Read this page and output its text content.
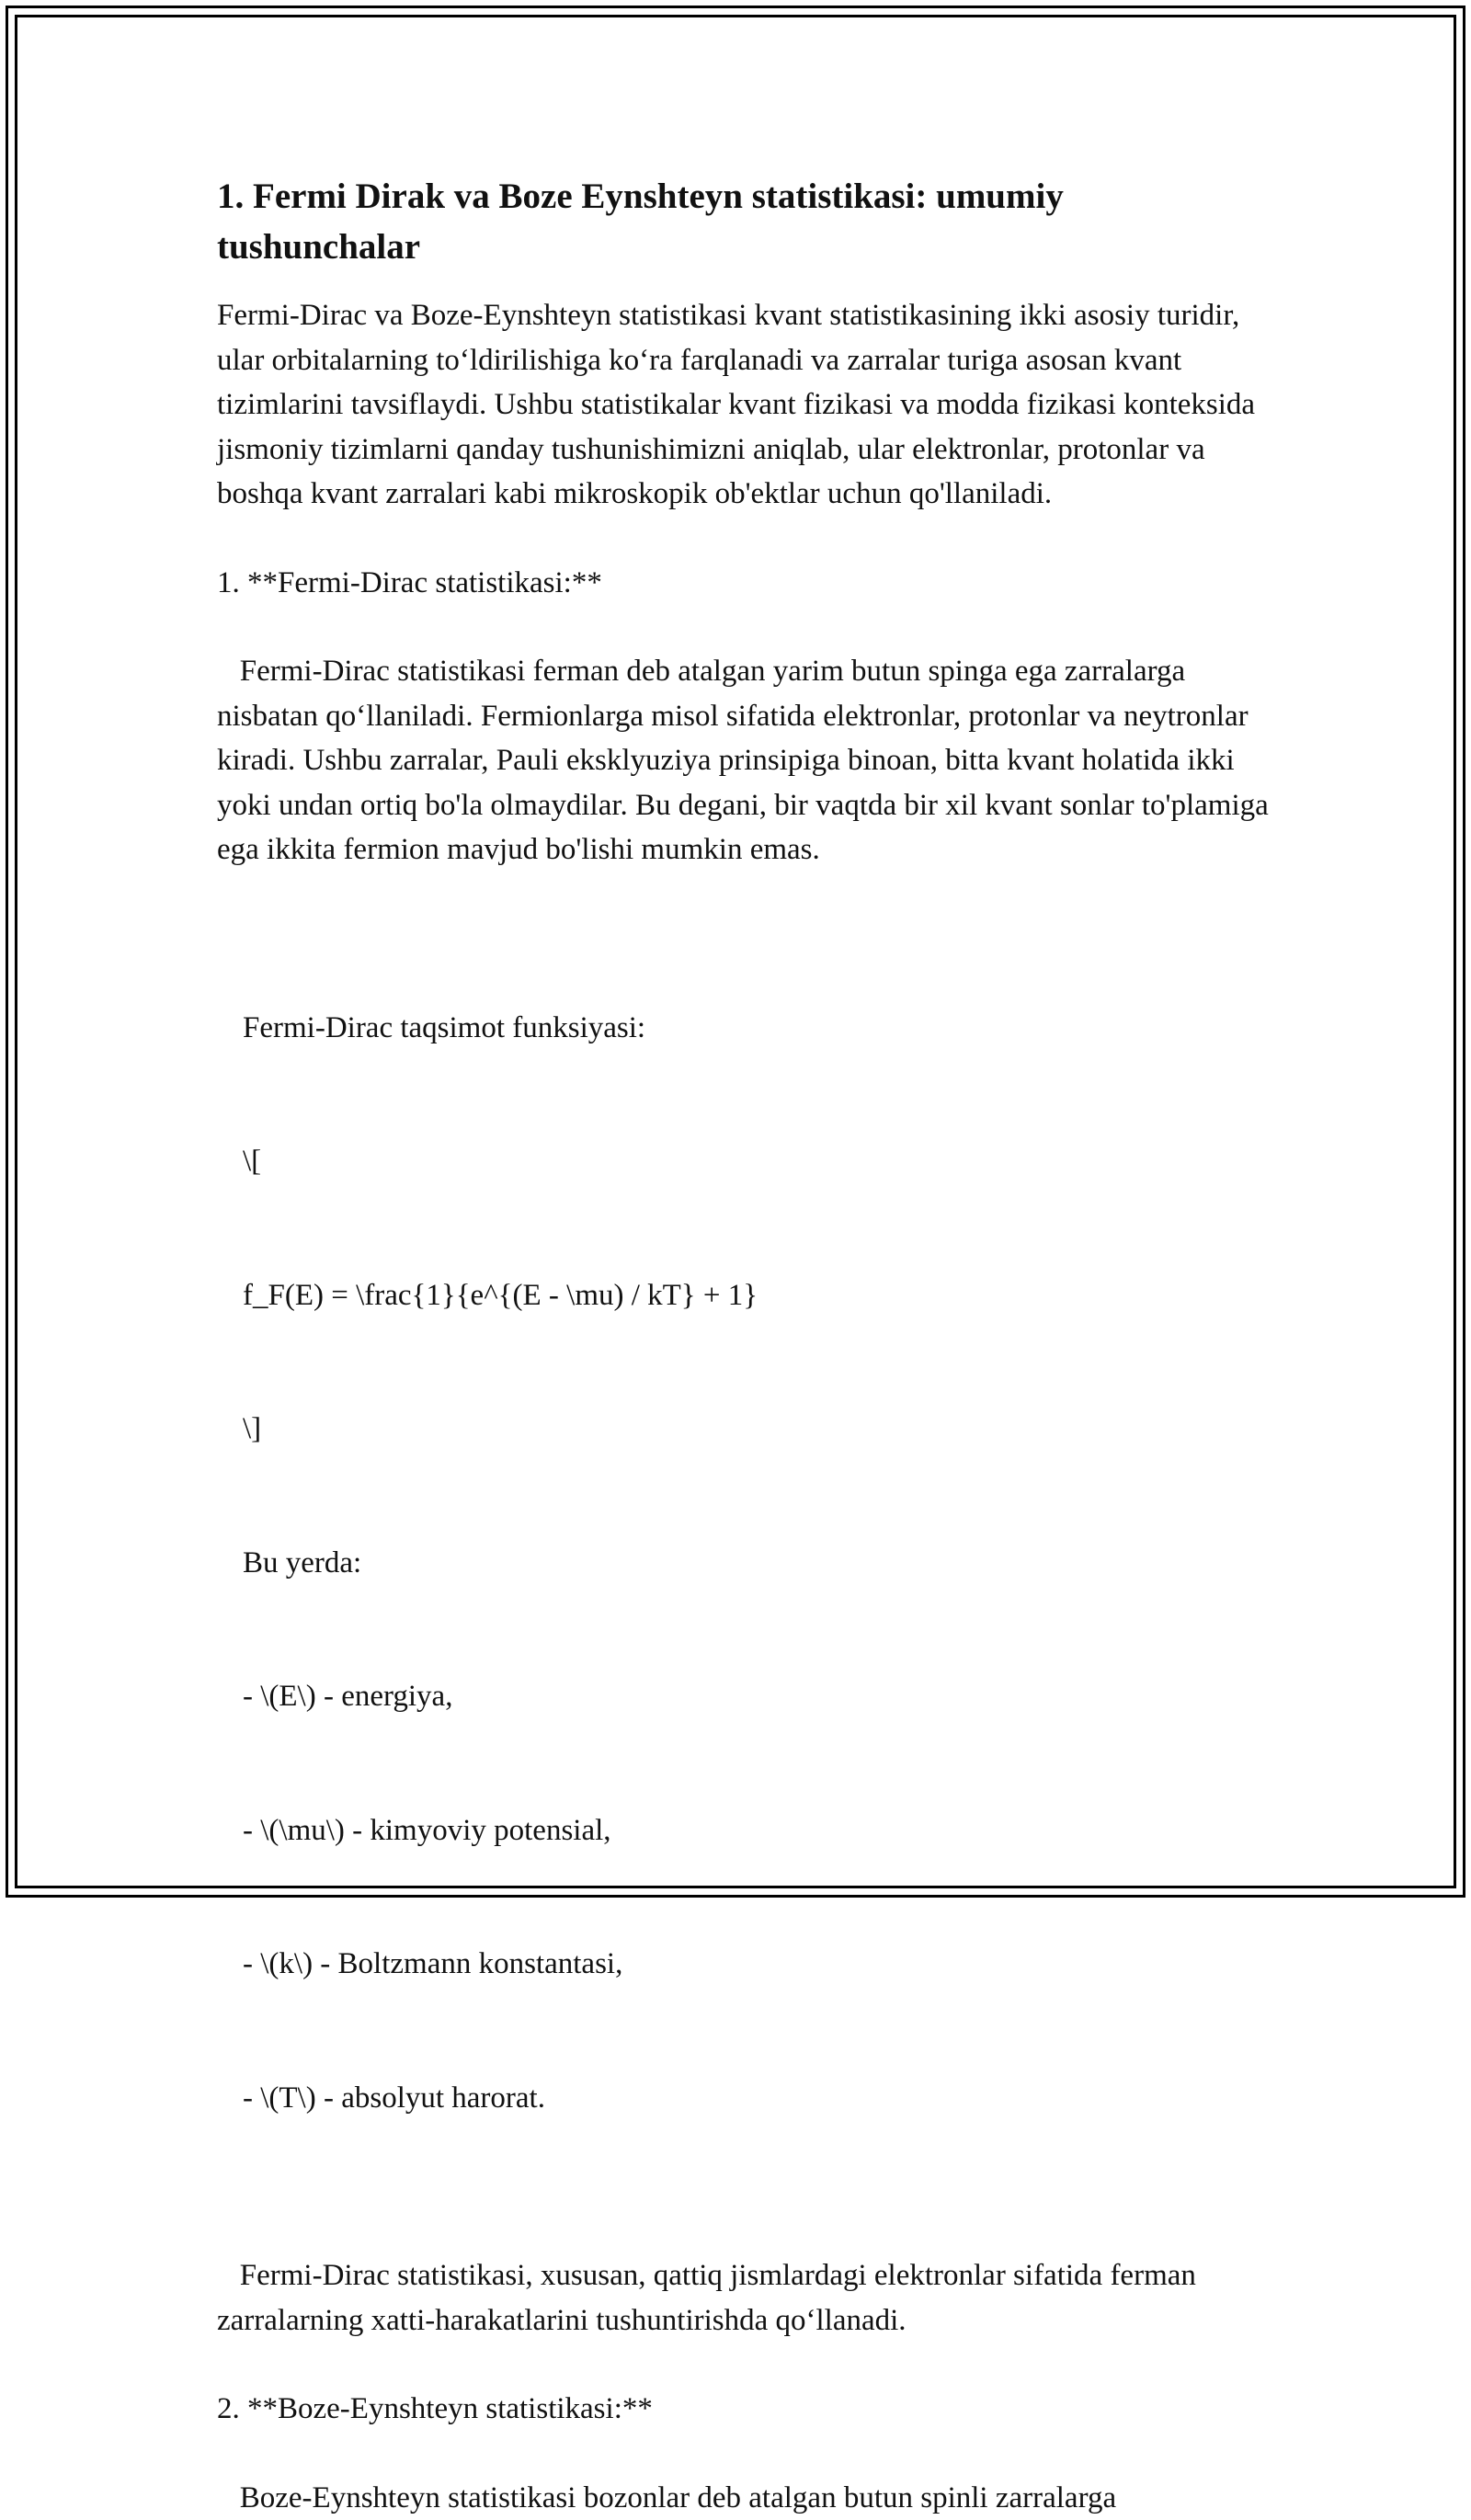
1. Fermi Dirak va Boze Eynshteyn statistikasi: umumiy tushunchalar

Fermi-Dirac va Boze-Eynshteyn statistikasi kvant statistikasining ikki asosiy turidir, ular orbitalarning to‘ldirilishiga ko‘ra farqlanadi va zarralar turiga asosan kvant tizimlarini tavsiflaydi. Ushbu statistikalar kvant fizikasi va modda fizikasi konteksida jismoniy tizimlarni qanday tushunishimizni aniqlab, ular elektronlar, protonlar va boshqa kvant zarralari kabi mikroskopik ob'ektlar uchun qo'llaniladi.

1. **Fermi-Dirac statistikasi:**

Fermi-Dirac statistikasi ferman deb atalgan yarim butun spinga ega zarralarga nisbatan qo‘llaniladi. Fermionlarga misol sifatida elektronlar, protonlar va neytronlar kiradi. Ushbu zarralar, Pauli eksklyuziya prinsipiga binoan, bitta kvant holatida ikki yoki undan ortiq bo'la olmaydilar. Bu degani, bir vaqtda bir xil kvant sonlar to'plamiga ega ikkita fermion mavjud bo'lishi mumkin emas.

Fermi-Dirac taqsimot funksiyasi:

\[

f_F(E) = \frac{1}{e^{(E - \mu) / kT} + 1}

\]

Bu yerda:

- \(E\) - energiya,

- \(\mu\) - kimyoviy potensial,

- \(k\) - Boltzmann konstantasi,

- \(T\) - absolyut harorat.

Fermi-Dirac statistikasi, xususan, qattiq jismlardagi elektronlar sifatida ferman zarralarning xatti-harakatlarini tushuntirishda qo‘llanadi.

2. **Boze-Eynshteyn statistikasi:**

Boze-Eynshteyn statistikasi bozonlar deb atalgan butun spinli zarralarga
